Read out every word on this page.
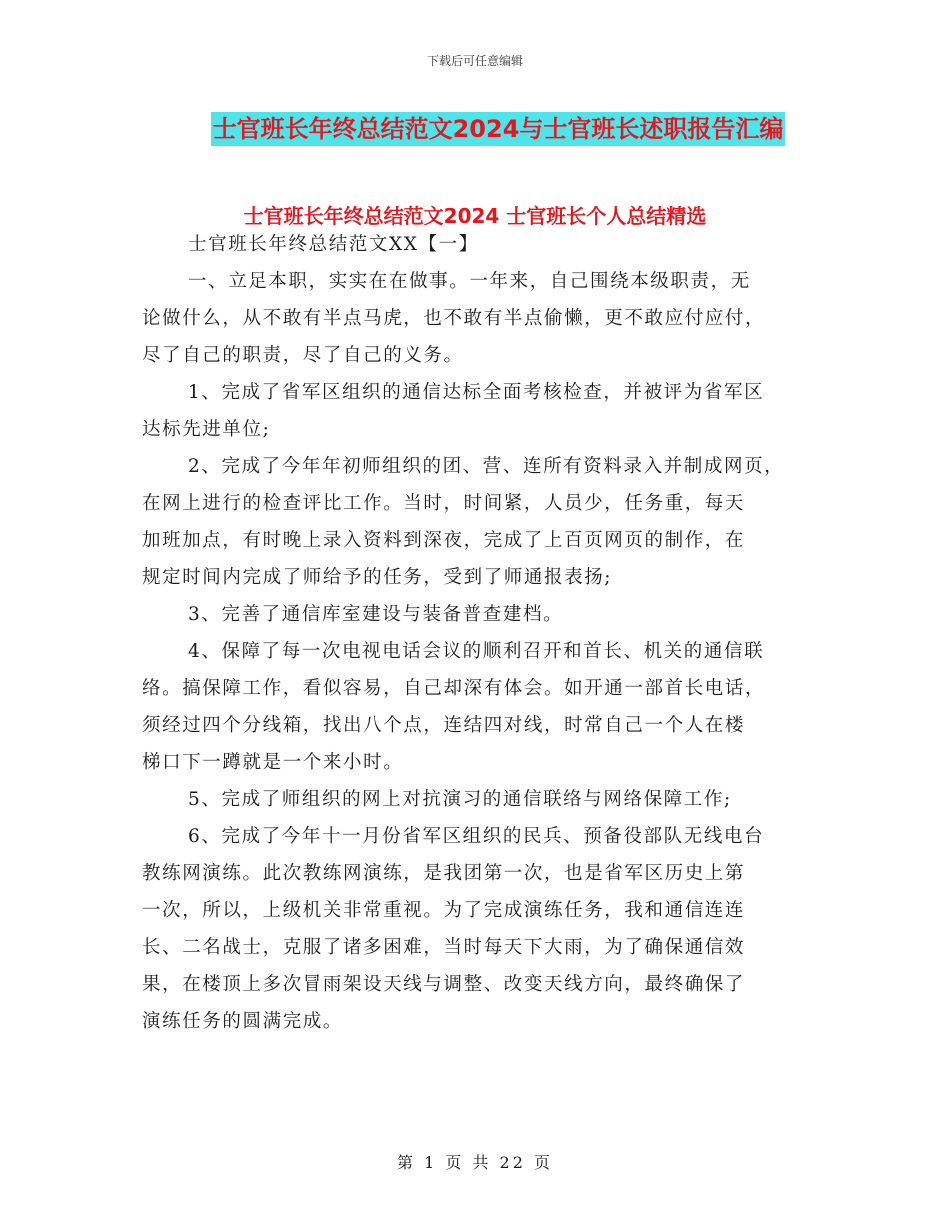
下载后可任意编辑
士官班长年终总结范文2024与士官班长述职报告汇编
士官班长年终总结范文2024 士官班长个人总结精选
士官班长年终总结范文XX【一】
一、立足本职，实实在在做事。一年来，自己围绕本级职责，无
论做什么，从不敢有半点马虎，也不敢有半点偷懒，更不敢应付应付，
尽了自己的职责，尽了自己的义务。
1、完成了省军区组织的通信达标全面考核检查，并被评为省军区
达标先进单位;
2、完成了今年年初师组织的团、营、连所有资料录入并制成网页，
在网上进行的检查评比工作。当时，时间紧，人员少，任务重，每天
加班加点，有时晚上录入资料到深夜，完成了上百页网页的制作，在
规定时间内完成了师给予的任务，受到了师通报表扬;
3、完善了通信库室建设与装备普查建档。
4、保障了每一次电视电话会议的顺利召开和首长、机关的通信联
络。搞保障工作，看似容易，自己却深有体会。如开通一部首长电话，
须经过四个分线箱，找出八个点，连结四对线，时常自己一个人在楼
梯口下一蹲就是一个来小时。
5、完成了师组织的网上对抗演习的通信联络与网络保障工作;
6、完成了今年十一月份省军区组织的民兵、预备役部队无线电台
教练网演练。此次教练网演练，是我团第一次，也是省军区历史上第
一次，所以，上级机关非常重视。为了完成演练任务，我和通信连连
长、二名战士，克服了诸多困难，当时每天下大雨，为了确保通信效
果，在楼顶上多次冒雨架设天线与调整、改变天线方向，最终确保了
演练任务的圆满完成。
第 1 页 共 22 页
